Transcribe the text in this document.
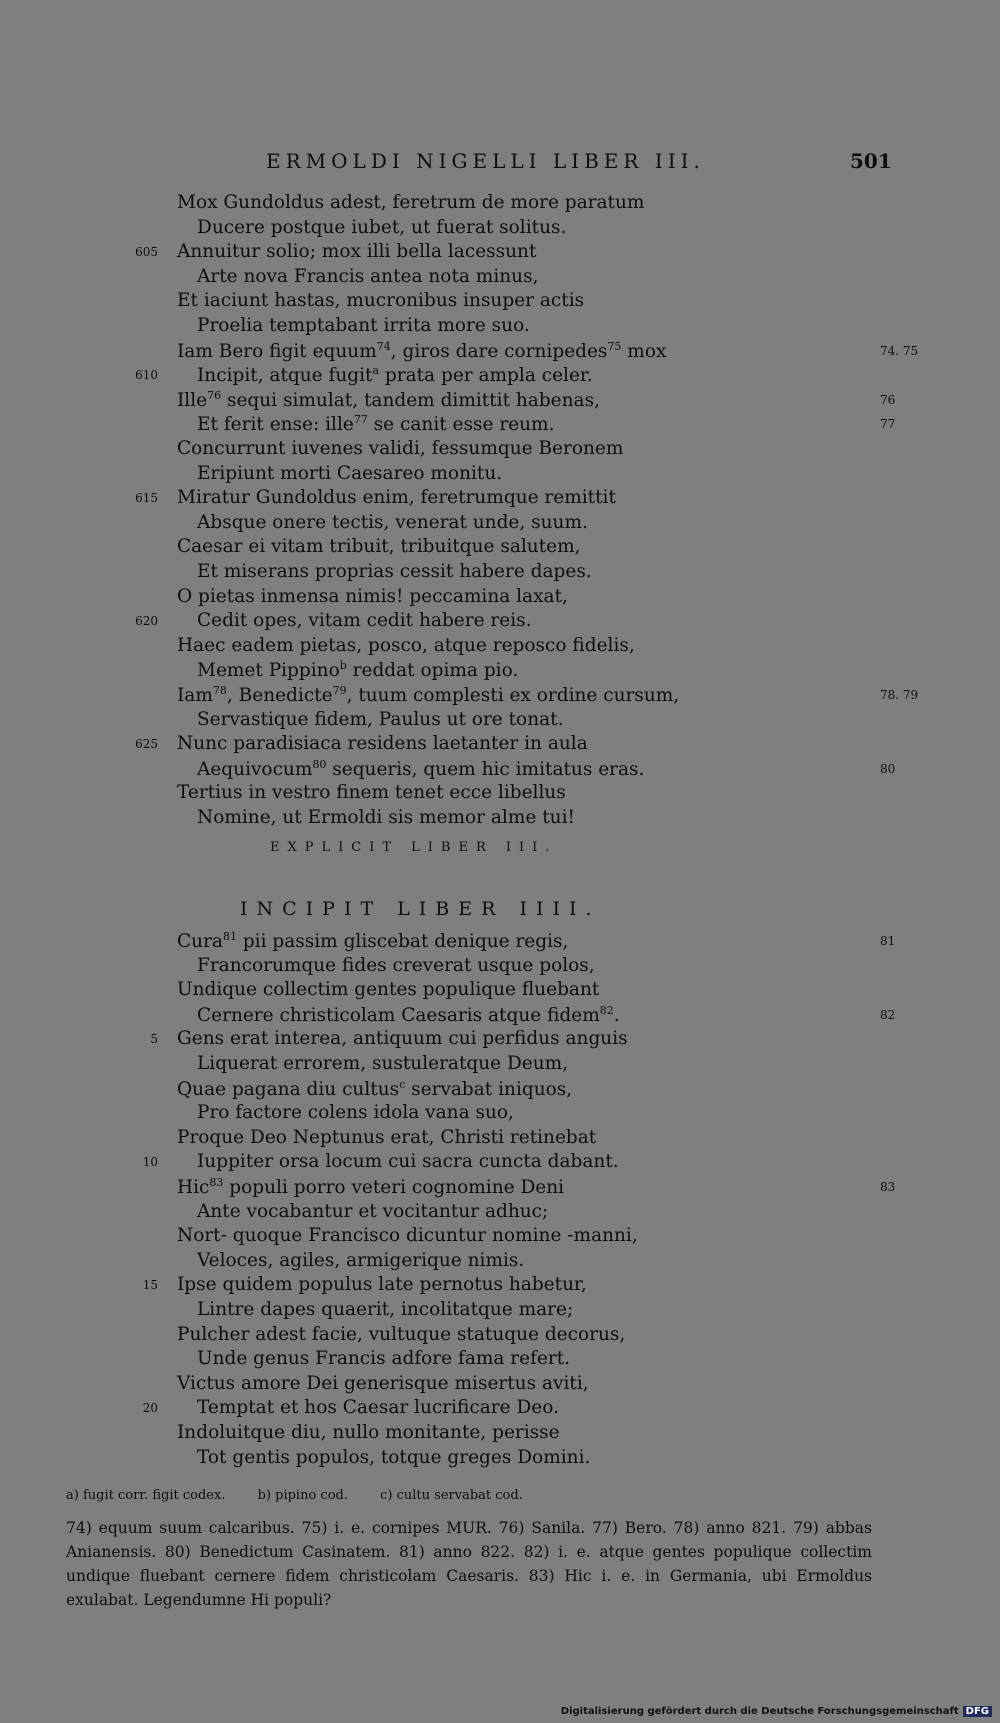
ERMOLDI NIGELLI LIBER III.	501
Mox Gundoldus adest, feretrum de more paratum
Ducere postque iubet, ut fuerat solitus.
605 Annuitur solio; mox illi bella lacessunt
Arte nova Francis antea nota minus,
Et iaciunt hastas, mucronibus insuper actis
Proelia temptabant irrita more suo.
Iam Bero figit equum$^{74}$, giros dare cornipedes$^{75}$ mox	74. 75
610 Incipit, atque fugit$^a$ prata per ampla celer.
Ille$^{76}$ sequi simulat, tandem dimittit habenas,	76
Et ferit ense: ille$^{77}$ se canit esse reum.	77
Concurrunt iuvenes validi, fessumque Beronem
Eripiunt morti Caesareo monitu.
615 Miratur Gundoldus enim, feretrumque remittit
Absque onere tectis, venerat unde, suum.
Caesar ei vitam tribuit, tribuitque salutem,
Et miserans proprias cessit habere dapes.
O pietas inmensa nimis! peccamina laxat,
620 Cedit opes, vitam cedit habere reis.
Haec eadem pietas, posco, atque reposco fidelis,
Memet Pippino$^b$ reddat opima pio.
Iam$^{78}$, Benedicte$^{79}$, tuum complesti ex ordine cursum,	78. 79
Servastique fidem, Paulus ut ore tonat.
625 Nunc paradisiaca residens laetanter in aula
Aequivocum$^{80}$ sequeris, quem hic imitatus eras.	80
Tertius in vestro finem tenet ecce libellus
Nomine, ut Ermoldi sis memor alme tui!
EXPLICIT LIBER III.
INCIPIT LIBER IIII.
Cura$^{81}$ pii passim gliscebat denique regis,	81
Francorumque fides creverat usque polos,
Undique collectim gentes populique fluebant
Cernere christicolam Caesaris atque fidem$^{82}$.	82
5 Gens erat interea, antiquum cui perfidus anguis
Liquerat errorem, sustuleratque Deum,
Quae pagana diu cultus$^c$ servabat iniquos,
Pro factore colens idola vana suo,
Proque Deo Neptunus erat, Christi retinebat
10 Iuppiter orsa locum cui sacra cuncta dabant.
Hic$^{83}$ populi porro veteri cognomine Deni	83
Ante vocabantur et vocitantur adhuc;
Nort- quoque Francisco dicuntur nomine -manni,
Veloces, agiles, armigerique nimis.
15 Ipse quidem populus late pernotus habetur,
Lintre dapes quaerit, incolitatque mare;
Pulcher adest facie, vultuque statuque decorus,
Unde genus Francis adfore fama refert.
Victus amore Dei generisque misertus aviti,
20 Temptat et hos Caesar lucrificare Deo.
Indoluitque diu, nullo monitante, perisse
Tot gentis populos, totque greges Domini.
a) fugit corr. figit codex. b) pipino cod. c) cultu servabat cod.
74) equum suum calcaribus. 75) i. e. cornipes MUR. 76) Sanila. 77) Bero. 78) anno 821. 79) abbas Anianensis. 80) Benedictum Casinatem. 81) anno 822. 82) i. e. atque gentes populique collectim undique fluebant cernere fidem christicolam Caesaris. 83) Hic i. e. in Germania, ubi Ermoldus exulabat. Legendumne Hi populi?
Digitalisierung gefördert durch die Deutsche Forschungsgemeinschaft DFG
